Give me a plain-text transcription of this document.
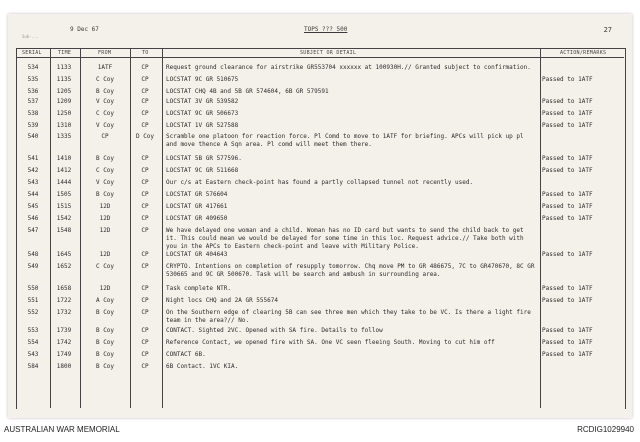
Sub-...
9 Dec 67	TOPS ??? 500	27
SERIAL	TIME	FROM	TO	SUBJECT OR DETAIL	ACTION/REMARKS
534	1133	1ATF	CP	Request ground clearance for airstrike GR553704 xxxxxx at 100930H.// Granted subject to confirmation.
535	1135	C Coy	CP	LOCSTAT 9C GR 510675	Passed to 1ATF
536	1205	B Coy	CP	LOCSTAT CHQ 4B and 5B GR 574604, 6B GR 579591
537	1209	V Coy	CP	LOCSTAT 3V GR 539582	Passed to 1ATF
538	1250	C Coy	CP	LOCSTAT 9C GR 506673	Passed to 1ATF
539	1310	V Coy	CP	LOCSTAT 1V GR 527588	Passed to 1ATF
540	1335	CP	D Coy	Scramble one platoon for reaction force. Pl Comd to move to 1ATF for briefing. APCs will pick up pl and move thence A Sqn area. Pl comd will meet them there.
541	1410	B Coy	CP	LOCSTAT 5B GR 577596.	Passed to 1ATF
542	1412	C Coy	CP	LOCSTAT 9C GR 511668	Passed to 1ATF
543	1444	V Coy	CP	Our c/s at Eastern check-point has found a partly collapsed tunnel not recently used.
544	1505	B Coy	CP	LOCSTAT GR 576604	Passed to 1ATF
545	1515	12D	CP	LOCSTAT GR 417661	Passed to 1ATF
546	1542	12D	CP	LOCSTAT GR 409650	Passed to 1ATF
547	1548	12D	CP	We have delayed one woman and a child. Woman has no ID card but wants to send the child back to get it. This could mean we would be delayed for some time in this loc. Request advice.// Take both with you in the APCs to Eastern check-point and leave with Military Police.
548	1645	12D	CP	LOCSTAT GR 404643	Passed to 1ATF
549	1652	C Coy	CP	CRYPTO. Intentions on completion of resupply tomorrow. Chq move PM to GR 486675, 7C to GR470670, 8C GR 530665 and 9C GR 500670. Task will be search and ambush in surrounding area.
550	1658	12D	CP	Task complete NTR.	Passed to 1ATF
551	1722	A Coy	CP	Night locs CHQ and 2A GR 555674	Passed to 1ATF
552	1732	B Coy	CP	On the Southern edge of clearing 5B can see three men which they take to be VC. Is there a light fire team in the area?// No.
553	1739	B Coy	CP	CONTACT. Sighted 2VC. Opened with SA fire. Details to follow	Passed to 1ATF
554	1742	B Coy	CP	Reference Contact, we opened fire with SA. One VC seen fleeing South. Moving to cut him off	Passed to 1ATF
543	1749	B Coy	CP	CONTACT 6B.	Passed to 1ATF
584	1800	B Coy	CP	6B Contact. 1VC KIA.
AUSTRALIAN WAR MEMORIAL	RCDIG1029940
